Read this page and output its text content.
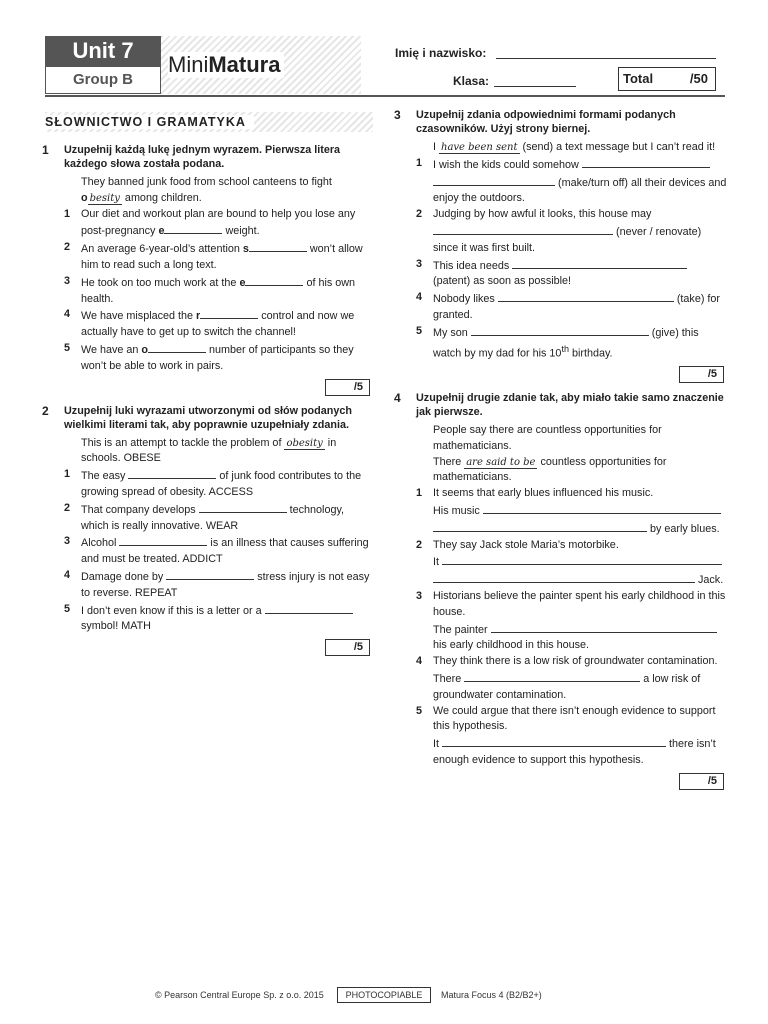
Unit 7
Group B
MiniMatura	Imię i nazwisko:
Klasa:	Total	/50
SŁOWNICTWO I GRAMATYKA
1	Uzupełnij każdą lukę jednym wyrazem. Pierwsza litera każdego słowa została podana.
They banned junk food from school canteens to fight o besity among children.
1	Our diet and workout plan are bound to help you lose any post-pregnancy e	weight.
2	An average 6-year-old’s attention s	won’t allow him to read such a long text.
3	He took on too much work at the e	of his own health.
4	We have misplaced the r	control and now we actually have to get up to switch the channel!
5	We have an o	number of participants so they won’t be able to work in pairs.
/5
2	Uzupełnij luki wyrazami utworzonymi od słów podanych wielkimi literami tak, aby poprawnie uzupełniały zdania.
This is an attempt to tackle the problem of obesity in schools. OBESE
1	The easy	of junk food contributes to the growing spread of obesity. ACCESS
2	That company develops	technology, which is really innovative. WEAR
3	Alcohol	is an illness that causes suffering and must be treated. ADDICT
4	Damage done by	stress injury is not easy to reverse. REPEAT
5	I don’t even know if this is a letter or a  symbol! MATH
/5
3	Uzupełnij zdania odpowiednimi formami podanych czasowników. Użyj strony biernej.
I have been sent (send) a text message but I can’t read it!
1	I wish the kids could somehow
(make/turn off) all their devices and enjoy the outdoors.
2	Judging by how awful it looks, this house may
(never / renovate) since it was first built.
3	This idea needs
(patent) as soon as possible!
4	Nobody likes	(take) for granted.
5	My son	(give) this watch by my dad for his 10th birthday.
/5
4	Uzupełnij drugie zdanie tak, aby miało takie samo znaczenie jak pierwsze.
People say there are countless opportunities for mathematicians.
There are said to be countless opportunities for mathematicians.
1	It seems that early blues influenced his music.
His music
by early blues.
2	They say Jack stole Maria’s motorbike.
It
Jack.
3	Historians believe the painter spent his early childhood in this house.
The painter
his early childhood in this house.
4	They think there is a low risk of groundwater contamination.
There	a low risk of groundwater contamination.
5	We could argue that there isn’t enough evidence to support this hypothesis.
It	there isn’t enough evidence to support this hypothesis.
/5
© Pearson Central Europe Sp. z o.o. 2015	PHOTOCOPIABLE	Matura Focus 4 (B2/B2+)
